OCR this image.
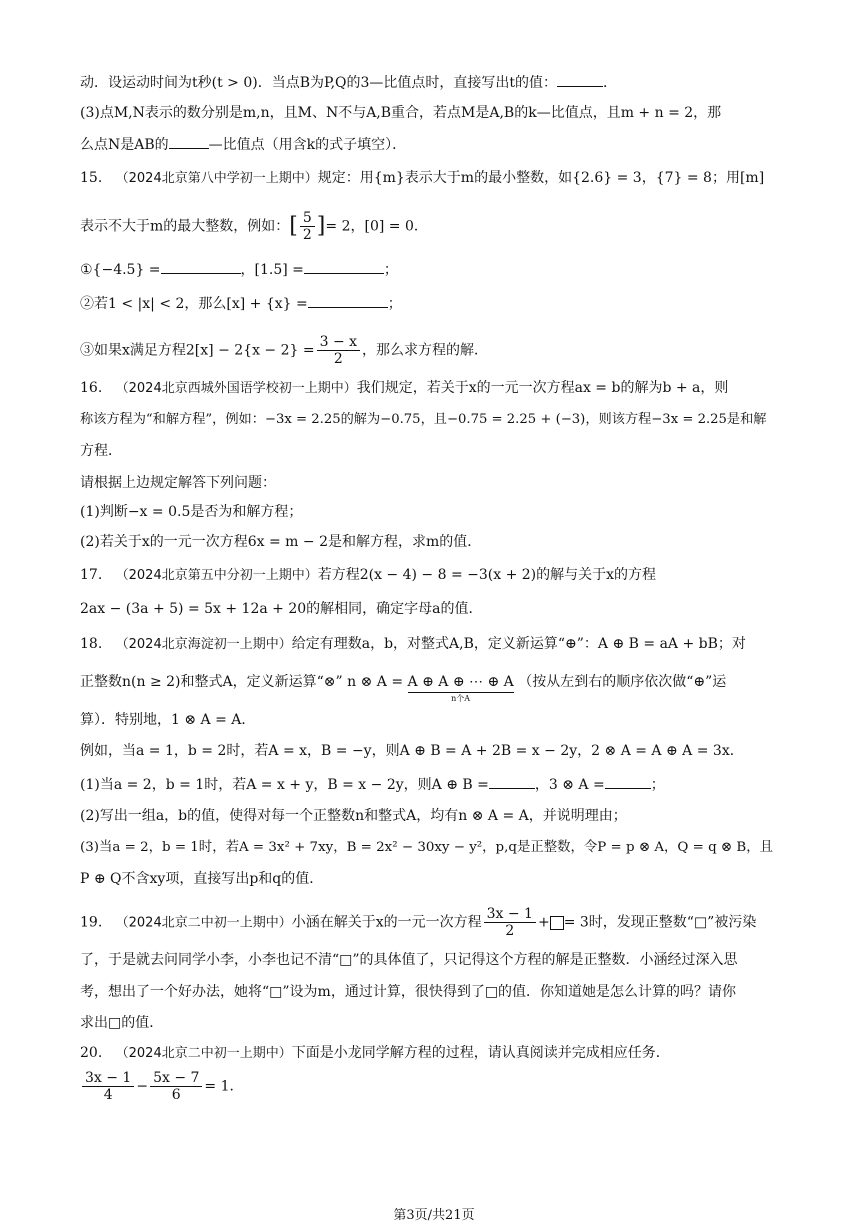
动．设运动时间为t秒(t > 0)．当点B为P,Q的3—比值点时，直接写出t的值：	．
(3)点M,N表示的数分别是m,n，且M、N不与A,B重合，若点M是A,B的k—比值点，且m + n = 2，那
么点N是AB的	—比值点（用含k的式子填空）．
15. （2024北京第八中学初一上期中）规定：用{m}表示大于m的最小整数，如{2.6} = 3，{7} = 8；用[m]
表示不大于m的最大整数，例如：[ $\frac{5}{2}$ ]= 2，[0] = 0．
①{−4.5} =	，[1.5] =	；
②若1 < |x| < 2，那么[x] + {x} =	；
③如果x满足方程$2[x] - 2\{x - 2\} = \frac{3 - x}{2}$ ，那么求方程的解．
16. （2024北京西城外国语学校初一上期中）我们规定，若关于x的一元一次方程ax = b的解为b + a，则
称该方程为“和解方程”，例如：−3x = 2.25的解为−0.75，且−0.75 = 2.25 + (−3)，则该方程−3x = 2.25是和解
方程．
请根据上边规定解答下列问题：
(1)判断−x = 0.5是否为和解方程；
(2)若关于x的一元一次方程6x = m − 2是和解方程，求m的值．
17. （2024北京第五中分初一上期中）若方程2(x − 4) − 8 = −3(x + 2)的解与关于x的方程
2ax − (3a + 5) = 5x + 12a + 20的解相同，确定字母a的值．
18. （2024北京海淀初一上期中）给定有理数a，b，对整式A,B，定义新运算“⊕”：A ⊕ B = aA + bB；对
正整数n(n ≥ 2)和整式A，定义新运算“⊗” n ⊗ A = A ⊕ A ⊕ ⋯ ⊕ A
n个A
（按从左到右的顺序依次做“⊕”运
算）．特别地，1 ⊗ A = A．
例如，当a = 1，b = 2时，若A = x，B = −y，则A ⊕ B = A + 2B = x − 2y，2 ⊗ A = A ⊕ A = 3x．
(1)当a = 2，b = 1时，若A = x + y，B = x − 2y，则A ⊕ B =	，3 ⊗ A =	；
(2)写出一组a，b的值，使得对每一个正整数n和整式A，均有n ⊗ A = A，并说明理由；
(3)当a = 2，b = 1时，若A = 3x² + 7xy，B = 2x² − 30xy − y²，p,q是正整数，令P = p ⊗ A，Q = q ⊗ B，且
P ⊕ Q不含xy项，直接写出p和q的值．
19. （2024北京二中初一上期中）小涵在解关于x的一元一次方程 $\frac{3x - 1}{2}$ + = 3时，发现正整数“□”被污染
了，于是就去问同学小李，小李也记不清“□”的具体值了，只记得这个方程的解是正整数．小涵经过深入思
考，想出了一个好办法，她将“□”设为m，通过计算，很快得到了□的值．你知道她是怎么计算的吗？请你
求出□的值．
20. （2024北京二中初一上期中）下面是小龙同学解方程的过程，请认真阅读并完成相应任务．
$\frac{3x - 1}{4} - \frac{5x - 7}{6} = 1$．
第3页/共21页
